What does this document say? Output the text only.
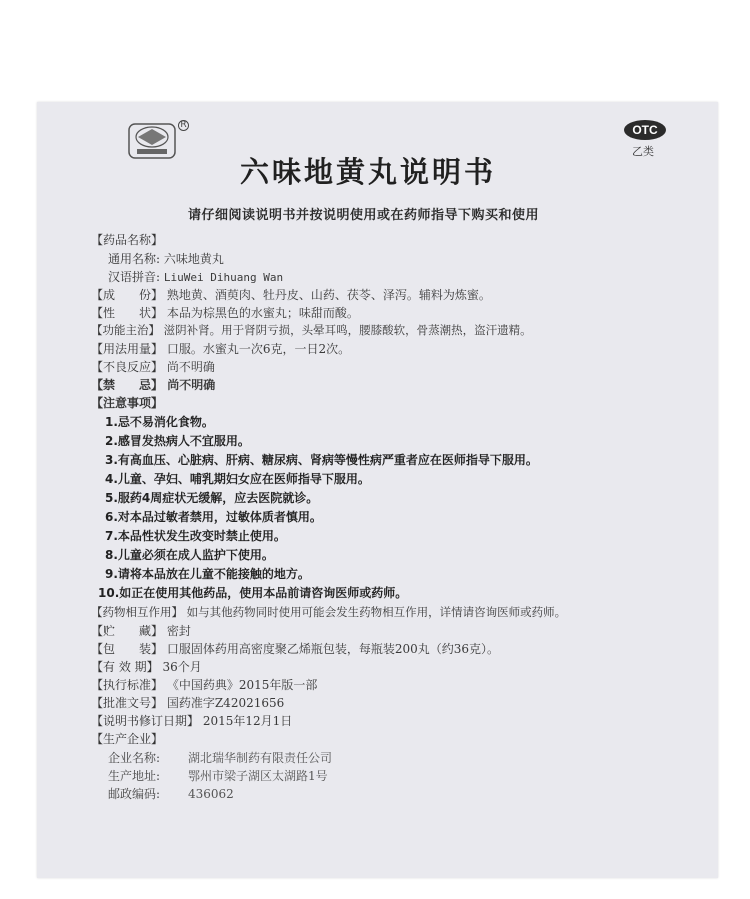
R	OTC
乙类
六味地黄丸说明书
请仔细阅读说明书并按说明使用或在药师指导下购买和使用
【药品名称】
通用名称: 六味地黄丸
汉语拼音: LiuWei Dihuang Wan
【成　　份】 熟地黄、酒萸肉、牡丹皮、山药、茯苓、泽泻。辅料为炼蜜。
【性　　状】 本品为棕黑色的水蜜丸；味甜而酸。
【功能主治】 滋阴补肾。用于肾阴亏损，头晕耳鸣，腰膝酸软，骨蒸潮热，盗汗遗精。
【用法用量】 口服。水蜜丸一次6克，一日2次。
【不良反应】 尚不明确
【禁　　忌】 尚不明确
【注意事项】
1.忌不易消化食物。
2.感冒发热病人不宜服用。
3.有高血压、心脏病、肝病、糖尿病、肾病等慢性病严重者应在医师指导下服用。
4.儿童、孕妇、哺乳期妇女应在医师指导下服用。
5.服药4周症状无缓解，应去医院就诊。
6.对本品过敏者禁用，过敏体质者慎用。
7.本品性状发生改变时禁止使用。
8.儿童必须在成人监护下使用。
9.请将本品放在儿童不能接触的地方。
10.如正在使用其他药品，使用本品前请咨询医师或药师。
【药物相互作用】 如与其他药物同时使用可能会发生药物相互作用，详情请咨询医师或药师。
【贮　　藏】 密封
【包　　装】 口服固体药用高密度聚乙烯瓶包装，每瓶装200丸（约36克）。
【有 效 期】 36个月
【执行标准】 《中国药典》2015年版一部
【批准文号】 国药准字Z42021656
【说明书修订日期】 2015年12月1日
【生产企业】
企业名称: 湖北瑞华制药有限责任公司
生产地址: 鄂州市梁子湖区太湖路1号
邮政编码: 436062
